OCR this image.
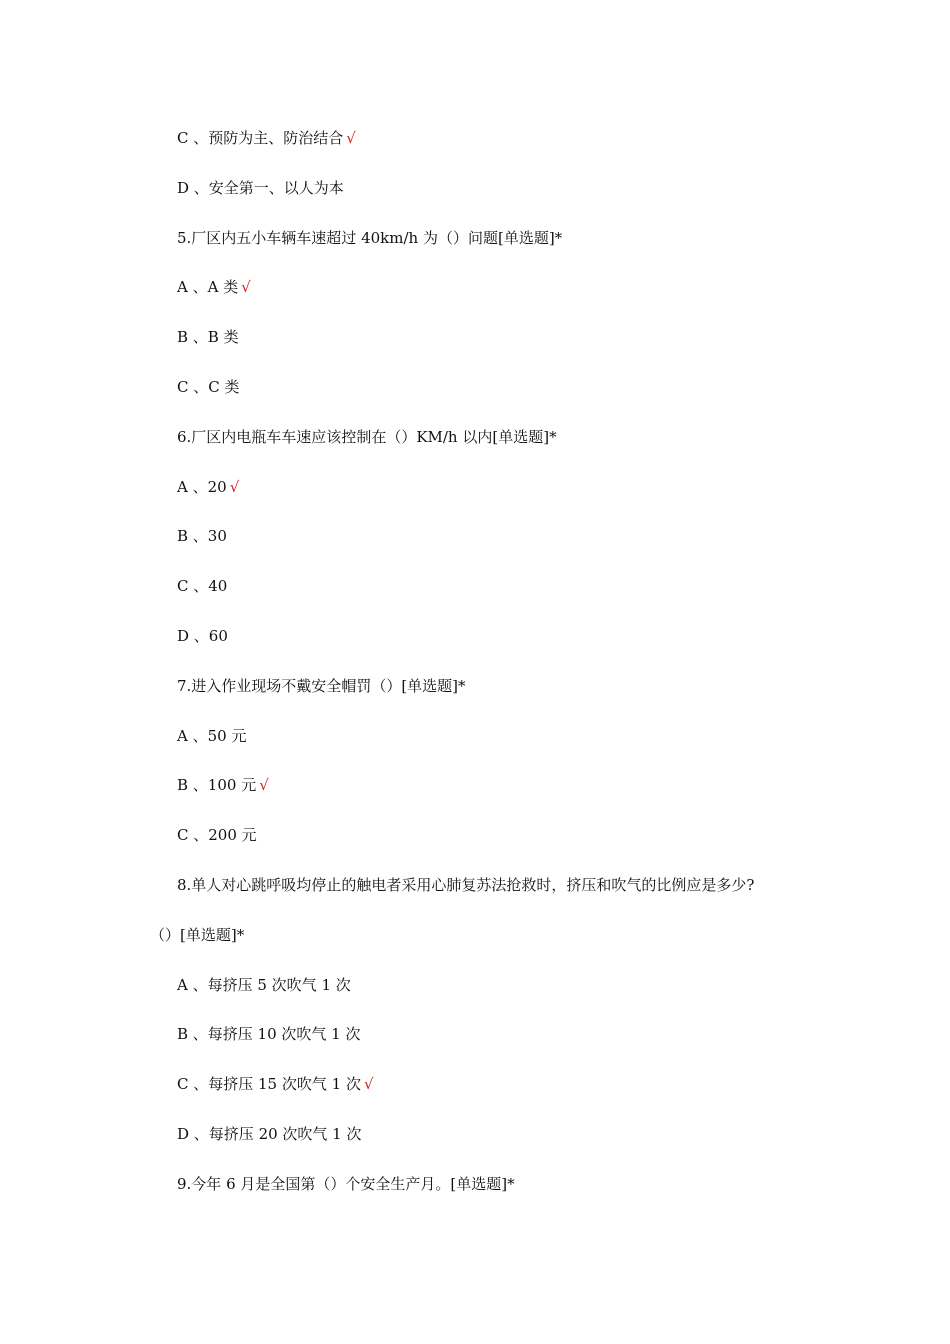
C 、预防为主、防治结合 √
D 、安全第一、以人为本
5.厂区内五小车辆车速超过 40km/h 为（）问题[单选题]*
A 、A 类 √
B 、B 类
C 、C 类
6.厂区内电瓶车车速应该控制在（）KM/h 以内[单选题]*
A 、20 √
B 、30
C 、40
D 、60
7.进入作业现场不戴安全帽罚（）[单选题]*
A 、50 元
B 、100 元 √
C 、200 元
8.单人对心跳呼吸均停止的触电者采用心肺复苏法抢救时，挤压和吹气的比例应是多少?
（）[单选题]*
A 、每挤压 5 次吹气 1 次
B 、每挤压 10 次吹气 1 次
C 、每挤压 15 次吹气 1 次 √
D 、每挤压 20 次吹气 1 次
9.今年 6 月是全国第（）个安全生产月。[单选题]*
